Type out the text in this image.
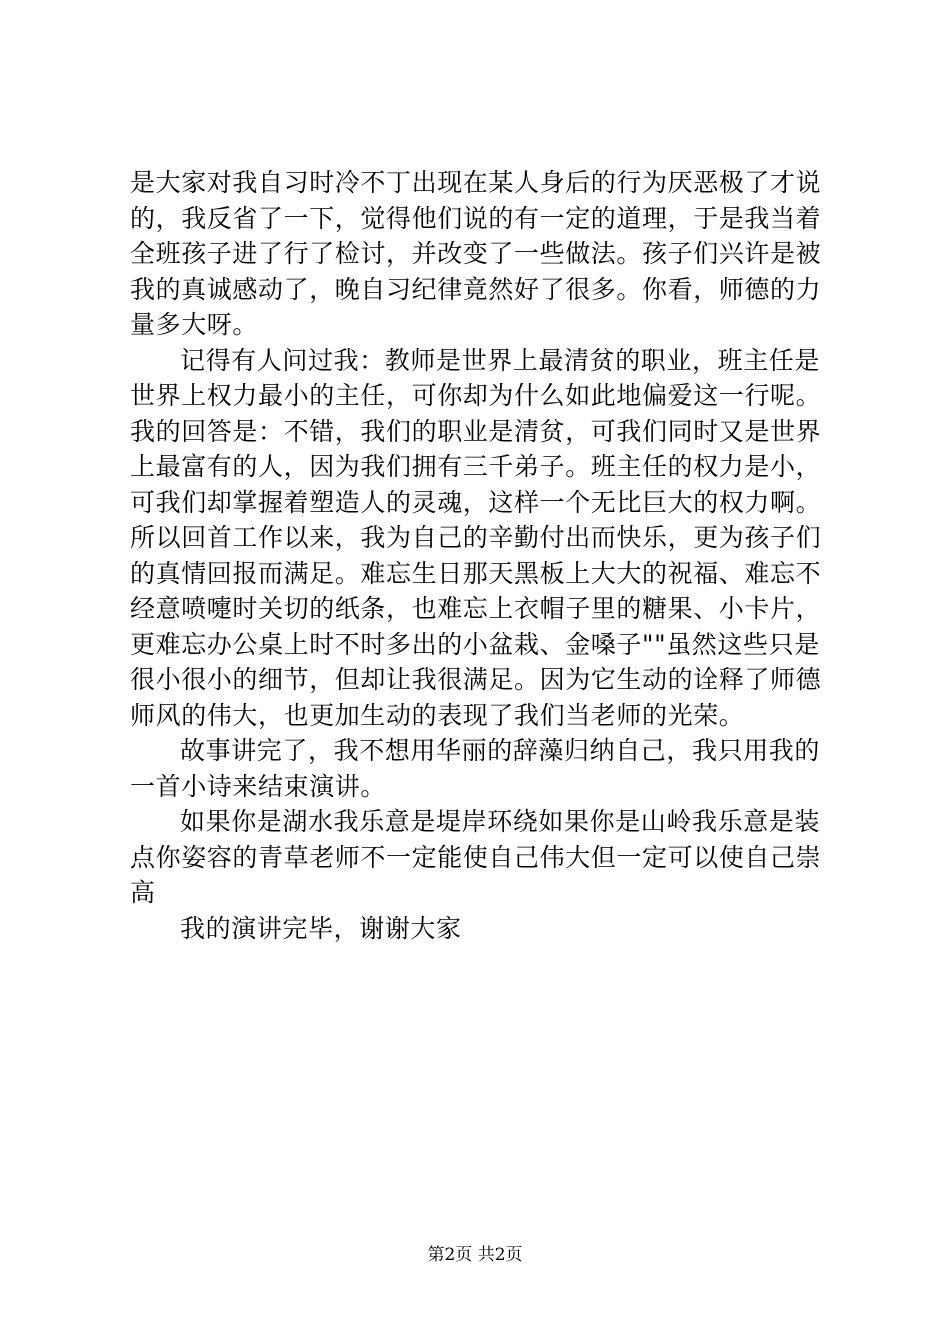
是大家对我自习时冷不丁出现在某人身后的行为厌恶极了才说
的，我反省了一下，觉得他们说的有一定的道理，于是我当着
全班孩子进了行了检讨，并改变了一些做法。孩子们兴许是被
我的真诚感动了，晚自习纪律竟然好了很多。你看，师德的力
量多大呀。
记得有人问过我：教师是世界上最清贫的职业，班主任是
世界上权力最小的主任，可你却为什么如此地偏爱这一行呢。
我的回答是：不错，我们的职业是清贫，可我们同时又是世界
上最富有的人，因为我们拥有三千弟子。班主任的权力是小，
可我们却掌握着塑造人的灵魂，这样一个无比巨大的权力啊。
所以回首工作以来，我为自己的辛勤付出而快乐，更为孩子们
的真情回报而满足。难忘生日那天黑板上大大的祝福、难忘不
经意喷嚏时关切的纸条，也难忘上衣帽子里的糖果、小卡片，
更难忘办公桌上时不时多出的小盆栽、金嗓子""虽然这些只是
很小很小的细节，但却让我很满足。因为它生动的诠释了师德
师风的伟大，也更加生动的表现了我们当老师的光荣。
故事讲完了，我不想用华丽的辞藻归纳自己，我只用我的
一首小诗来结束演讲。
如果你是湖水我乐意是堤岸环绕如果你是山岭我乐意是装
点你姿容的青草老师不一定能使自己伟大但一定可以使自己崇
高
我的演讲完毕，谢谢大家
第2页 共2页
